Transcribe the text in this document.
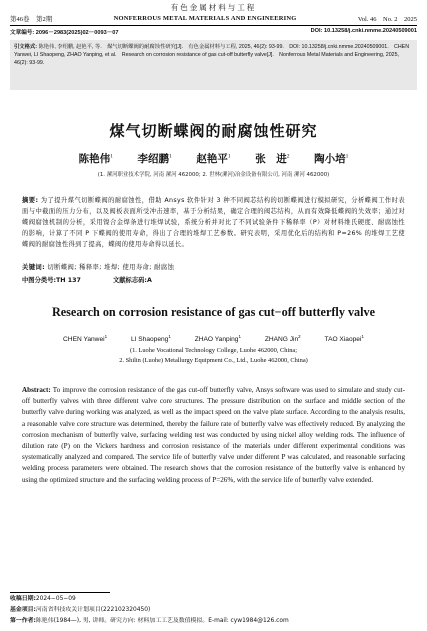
有色金属材料与工程
第46卷　第2期	NONFERROUS METAL MATERIALS AND ENGINEERING	Vol. 46　No. 2　2025
文章编号: 2096－2983(2025)02－0093－07	DOI: 10.13258/j.cnki.nmme.20240509001
引文格式: 陈艳伟, 李绍鹏, 赵艳平, 等.　煤气切断蝶阀的耐腐蚀性研究[J].　有色金属材料与工程, 2025, 46(2): 93-99.　DOI: 10.13258/j.cnki.nmme.20240509001.　CHEN Yanwei, LI Shaopeng, ZHAO Yanping, et al.　Research on corrosion resistance of gas cut-off butterfly valve[J].　Nonferrous Metal Materials and Engineering, 2025, 46(2): 93-99.
煤气切断蝶阀的耐腐蚀性研究
陈艳伟$^1$ 李绍鹏$^1$ 赵艳平$^1$ 张　进$^2$ 陶小培$^1$
(1. 漯河职业技术学院, 河南 漯河 462000; 2. 世林(漯河)冶金设备有限公司, 河南 漯河 462000)
摘要: 为了提升煤气切断蝶阀的耐腐蚀性，借助 Ansys 软件针对 3 种不同阀芯结构的切断蝶阀进行模拟研究，分析蝶阀工作时表面与中截面的压力分布，以及阀板表面所受冲击速率，基于分析结果，确定合理的阀芯结构，从而有效降低蝶阀的失效率；通过对蝶阀腐蚀机制的分析，采用镍合金焊条进行堆焊试验，系统分析并对比了不同试验条件下稀释率（P）对材料维氏硬度、耐腐蚀性的影响，计算了不同 P 下蝶阀的使用寿命，得出了合理的堆焊工艺参数。研究表明，采用优化后的结构和 P=26% 的堆焊工艺使蝶阀的耐腐蚀性得到了提高，蝶阀的使用寿命得以延长。
关键词: 切断蝶阀; 稀释率; 堆焊; 使用寿命; 耐腐蚀
中图分类号:TH 137	文献标志码:A
Research on corrosion resistance of gas cut−off butterfly valve
CHEN Yanwei$^1$	LI Shaopeng$^1$	ZHAO Yanping$^1$	ZHANG Jin$^2$	TAO Xiaopei$^1$
(1. Luohe Vocational Technology College, Luohe 462000, China;
2. Shilin (Luohe) Metallurgy Equipment Co., Ltd., Luohe 462000, China)
Abstract: To improve the corrosion resistance of the gas cut-off butterfly valve, Ansys software was used to simulate and study cut-off butterfly valves with three different valve core structures. The pressure distribution on the surface and middle section of the butterfly valve during working was analyzed, as well as the impact speed on the valve plate surface. According to the analysis results, a reasonable valve core structure was determined, thereby the failure rate of butterfly valve was effectively reduced. By analyzing the corrosion mechanism of butterfly valve, surfacing welding test was conducted by using nickel alloy welding rods. The influence of dilution rate (P) on the Vickers hardness and corrosion resistance of the materials under different experimental conditions was systematically analyzed and compared. The service life of butterfly valve under different P was calculated, and reasonable surfacing welding process parameters were obtained. The research shows that the corrosion resistance of the butterfly valve is enhanced by using the optimized structure and the surfacing welding process of P=26%, with the service life of butterfly valve extended.
收稿日期:2024−05−09
基金项目:河南省科技攻关计划项目(222102320450)
第一作者:陈艳伟(1984—), 男, 讲师。研究方向: 材料加工工艺及数值模拟。E-mail: cyw1984@126.com
